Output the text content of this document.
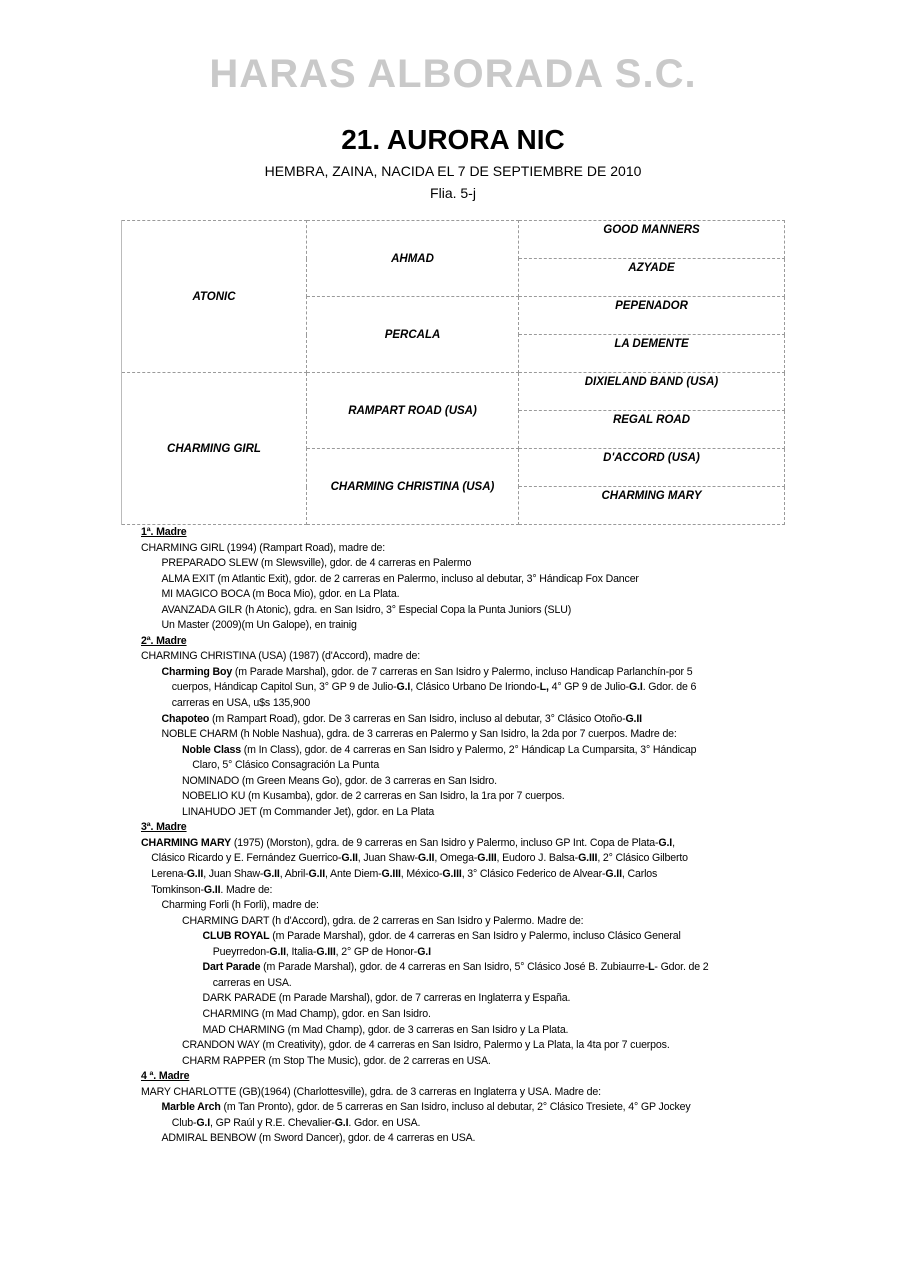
HARAS ALBORADA S.C.
21. AURORA NIC
HEMBRA, ZAINA, NACIDA EL 7 DE SEPTIEMBRE DE 2010
Flia. 5-j
ATONIC	AHMAD	GOOD MANNERS
		AZYADE
	PERCALA	PEPENADOR
		LA DEMENTE
CHARMING GIRL	RAMPART ROAD (USA)	DIXIELAND BAND (USA)
		REGAL ROAD
	CHARMING CHRISTINA (USA)	D'ACCORD (USA)
		CHARMING MARY
1ª. Madre
CHARMING GIRL (1994) (Rampart Road), madre de:
PREPARADO SLEW (m Slewsville), gdor. de 4 carreras en Palermo
ALMA EXIT (m Atlantic Exit), gdor. de 2 carreras en Palermo, incluso al debutar, 3° Hándicap Fox Dancer
MI MAGICO BOCA (m Boca Mio), gdor. en La Plata.
AVANZADA GILR (h Atonic), gdra. en San Isidro, 3° Especial Copa la Punta Juniors (SLU)
Un Master (2009)(m Un Galope), en trainig
2ª. Madre
CHARMING CHRISTINA (USA) (1987) (d'Accord), madre de:
Charming Boy (m Parade Marshal), gdor. de 7 carreras en San Isidro y Palermo, incluso Handicap Parlanchín-por 5
cuerpos, Hándicap Capitol Sun, 3° GP 9 de Julio-G.I, Clásico Urbano De Iriondo-L, 4° GP 9 de Julio-G.I. Gdor. de 6
carreras en USA, u$s 135,900
Chapoteo (m Rampart Road), gdor. De 3 carreras en San Isidro, incluso al debutar, 3° Clásico Otoño-G.II
NOBLE CHARM (h Noble Nashua), gdra. de 3 carreras en Palermo y San Isidro, la 2da por 7 cuerpos. Madre de:
Noble Class (m In Class), gdor. de 4 carreras en San Isidro y Palermo, 2° Hándicap La Cumparsita, 3° Hándicap
Claro, 5° Clásico Consagración La Punta
NOMINADO (m Green Means Go), gdor. de 3 carreras en San Isidro.
NOBELIO KU (m Kusamba), gdor. de 2 carreras en San Isidro, la 1ra por 7 cuerpos.
LINAHUDO JET (m Commander Jet), gdor. en La Plata
3ª. Madre
CHARMING MARY (1975) (Morston), gdra. de 9 carreras en San Isidro y Palermo, incluso GP Int. Copa de Plata-G.I,
Clásico Ricardo y E. Fernández Guerrico-G.II, Juan Shaw-G.II, Omega-G.III, Eudoro J. Balsa-G.III, 2° Clásico Gilberto
Lerena-G.II, Juan Shaw-G.II, Abril-G.II, Ante Diem-G.III, México-G.III, 3° Clásico Federico de Alvear-G.II, Carlos
Tomkinson-G.II. Madre de:
Charming Forli (h Forli), madre de:
CHARMING DART (h d'Accord), gdra. de 2 carreras en San Isidro y Palermo. Madre de:
CLUB ROYAL (m Parade Marshal), gdor. de 4 carreras en San Isidro y Palermo, incluso Clásico General
Pueyrredon-G.II, Italia-G.III, 2° GP de Honor-G.I
Dart Parade (m Parade Marshal), gdor. de 4 carreras en San Isidro, 5° Clásico José B. Zubiaurre-L- Gdor. de 2
carreras en USA.
DARK PARADE (m Parade Marshal), gdor. de 7 carreras en Inglaterra y España.
CHARMING (m Mad Champ), gdor. en San Isidro.
MAD CHARMING (m Mad Champ), gdor. de 3 carreras en San Isidro y La Plata.
CRANDON WAY (m Creativity), gdor. de 4 carreras en San Isidro, Palermo y La Plata, la 4ta por 7 cuerpos.
CHARM RAPPER (m Stop The Music), gdor. de 2 carreras en USA.
4 ª. Madre
MARY CHARLOTTE (GB)(1964) (Charlottesville), gdra. de 3 carreras en Inglaterra y USA. Madre de:
Marble Arch (m Tan Pronto), gdor. de 5 carreras en San Isidro, incluso al debutar, 2° Clásico Tresiete, 4° GP Jockey
Club-G.I, GP Raúl y R.E. Chevalier-G.I. Gdor. en USA.
ADMIRAL BENBOW (m Sword Dancer), gdor. de 4 carreras en USA.
